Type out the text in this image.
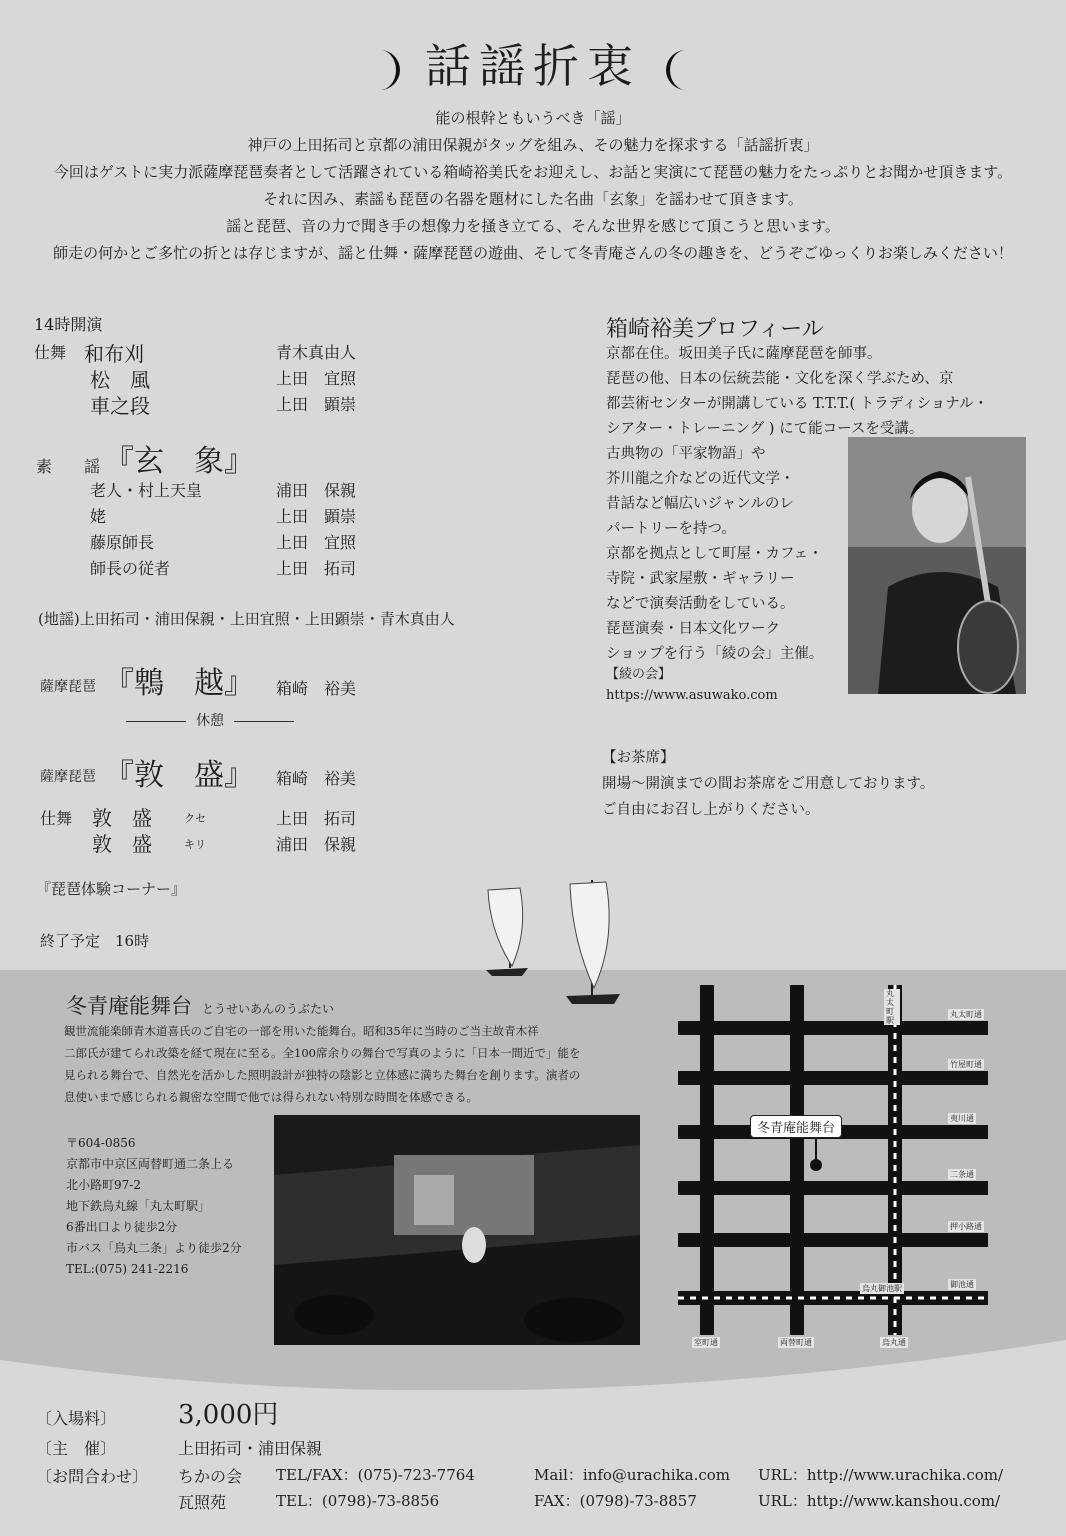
話謡折衷
能の根幹ともいうべき「謡」
神戸の上田拓司と京都の浦田保親がタッグを組み、その魅力を探求する「話謡折衷」
今回はゲストに実力派薩摩琵琶奏者として活躍されている箱崎裕美氏をお迎えし、お話と実演にて琵琶の魅力をたっぷりとお聞かせ頂きます。
それに因み、素謡も琵琶の名器を題材にした名曲「玄象」を謡わせて頂きます。
謡と琵琶、音の力で聞き手の想像力を掻き立てる、そんな世界を感じて頂こうと思います。
師走の何かとご多忙の折とは存じますが、謡と仕舞・薩摩琵琶の遊曲、そして冬青庵さんの冬の趣きを、どうぞごゆっくりお楽しみください！
14時開演
仕舞 和布刈	青木真由人
松　風	上田　宜照
車之段	上田　顕崇
素　　謡 『玄　象』
老人・村上天皇	浦田　保親
姥	上田　顕崇
藤原師長	上田　宜照
師長の従者	上田　拓司
(地謡)上田拓司・浦田保親・上田宜照・上田顕崇・青木真由人
薩摩琵琶 『鵯　越』 箱崎　裕美
休憩
薩摩琵琶 『敦　盛』 箱崎　裕美
仕舞 敦　盛	クセ	上田　拓司
敦　盛	キリ	浦田　保親
『琵琶体験コーナー』
終了予定　16時
箱崎裕美プロフィール
京都在住。坂田美子氏に薩摩琵琶を師事。
琵琶の他、日本の伝統芸能・文化を深く学ぶため、京
都芸術センターが開講している T.T.T.( トラディショナル・
シアター・トレーニング ) にて能コースを受講。
古典物の「平家物語」や
芥川龍之介などの近代文学・
昔話など幅広いジャンルのレ
パートリーを持つ。
京都を拠点として町屋・カフェ・
寺院・武家屋敷・ギャラリー
などで演奏活動をしている。
琵琶演奏・日本文化ワーク
ショップを行う「綾の会」主催。
【綾の会】
https://www.asuwako.com
【お茶席】
開場～開演までの間お茶席をご用意しております。
ご自由にお召し上がりください。
冬青庵能舞台 とうせいあんのうぶたい
観世流能楽師青木道喜氏のご自宅の一部を用いた能舞台。昭和35年に当時のご当主故青木祥
二郎氏が建てられ改築を経て現在に至る。全100席余りの舞台で写真のように「日本一間近で」能を
見られる舞台で、自然光を活かした照明設計が独特の陰影と立体感に満ちた舞台を創ります。演者の
息使いまで感じられる親密な空間で他では得られない特別な時間を体感できる。
〒604-0856
京都市中京区両替町通二条上る
北小路町97-2
地下鉄烏丸線「丸太町駅」
6番出口より徒歩2分
市バス「烏丸二条」より徒歩2分
TEL:(075) 241-2216
冬青庵能舞台
丸太町駅
烏丸御池駅
丸太町通
竹屋町通
夷川通
二条通
押小路通
御池通
室町通	両替町通	烏丸通
〔入場料〕 3,000円
〔主　催〕	上田拓司・浦田保親
〔お問合わせ〕 ちかの会 TEL/FAX：(075)-723-7764	Mail：info@urachika.com URL：http://www.urachika.com/
瓦照苑	TEL：(0798)-73-8856	FAX：(0798)-73-8857	URL：http://www.kanshou.com/
